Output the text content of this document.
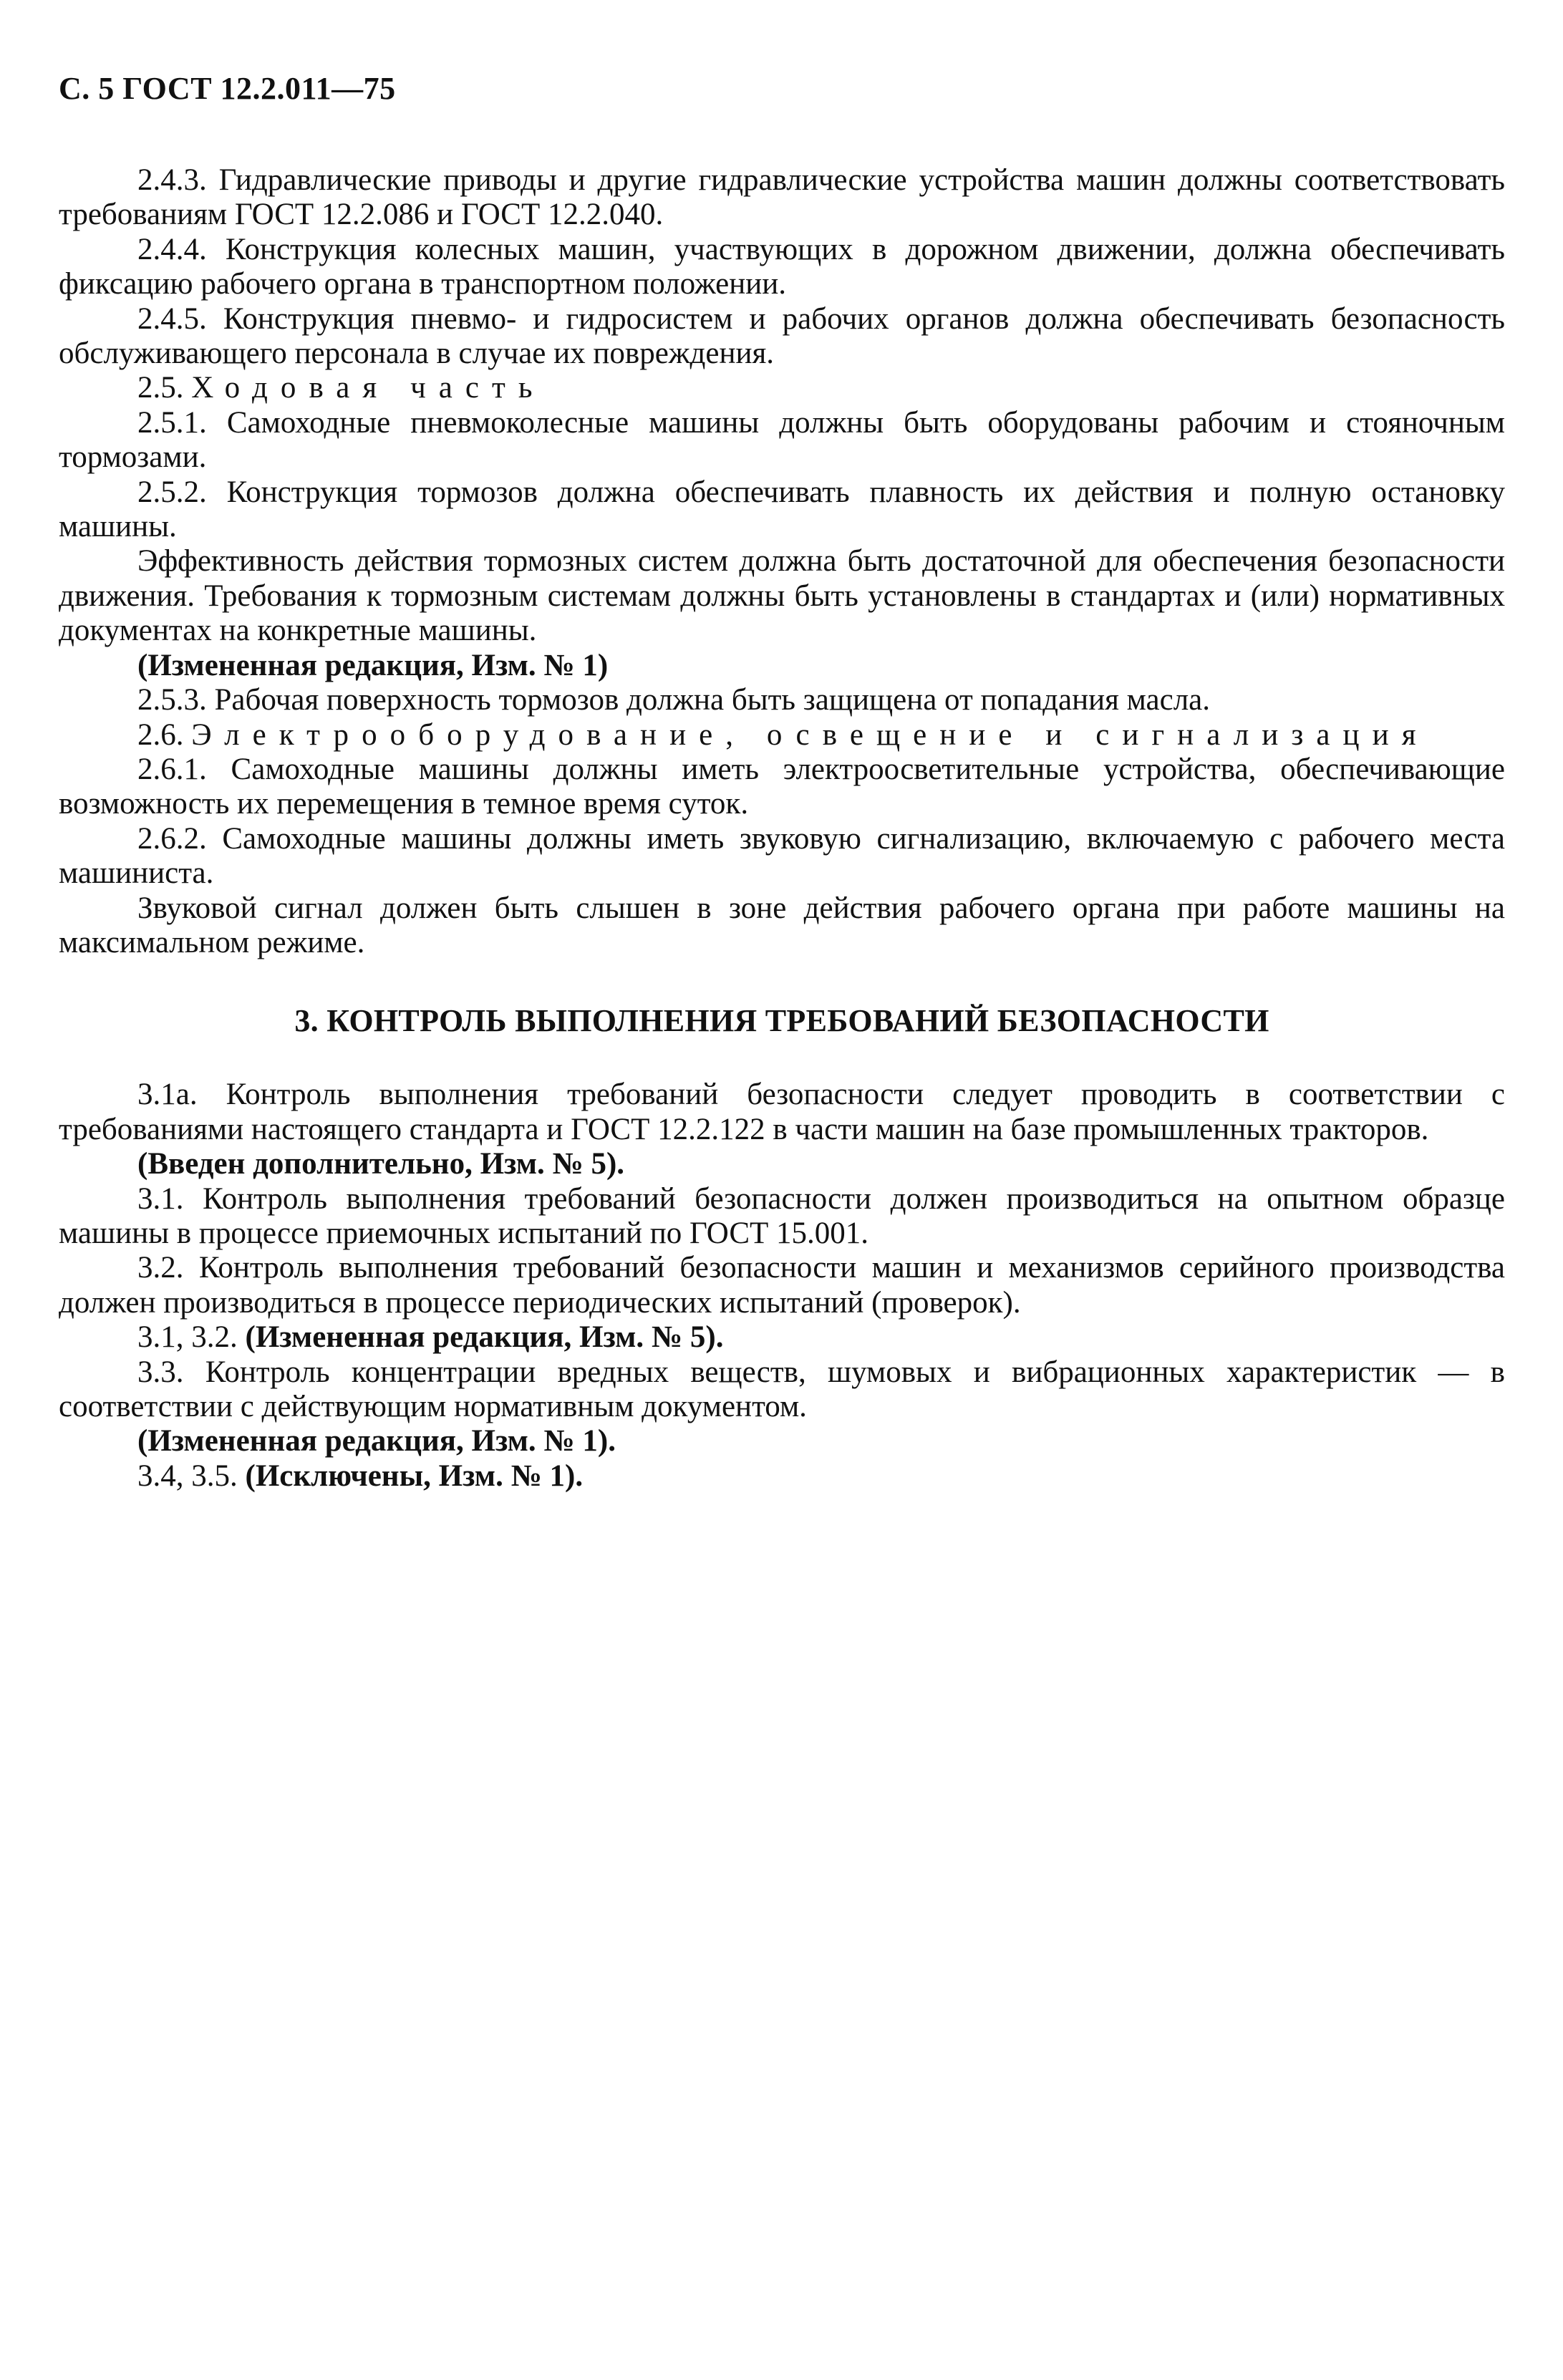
С. 5 ГОСТ 12.2.011—75

2.4.3. Гидравлические приводы и другие гидравлические устройства машин должны соответствовать требованиям ГОСТ 12.2.086 и ГОСТ 12.2.040.

2.4.4. Конструкция колесных машин, участвующих в дорожном движении, должна обеспечивать фиксацию рабочего органа в транспортном положении.

2.4.5. Конструкция пневмо- и гидросистем и рабочих органов должна обеспечивать безопасность обслуживающего персонала в случае их повреждения.

2.5. Ходовая часть

2.5.1. Самоходные пневмоколесные машины должны быть оборудованы рабочим и стояночным тормозами.

2.5.2. Конструкция тормозов должна обеспечивать плавность их действия и полную остановку машины.

Эффективность действия тормозных систем должна быть достаточной для обеспечения безопасности движения. Требования к тормозным системам должны быть установлены в стандартах и (или) нормативных документах на конкретные машины.

(Измененная редакция, Изм. № 1)

2.5.3. Рабочая поверхность тормозов должна быть защищена от попадания масла.

2.6. Электрооборудование, освещение и сигнализация

2.6.1. Самоходные машины должны иметь электроосветительные устройства, обеспечивающие возможность их перемещения в темное время суток.

2.6.2. Самоходные машины должны иметь звуковую сигнализацию, включаемую с рабочего места машиниста.

Звуковой сигнал должен быть слышен в зоне действия рабочего органа при работе машины на максимальном режиме.

3. КОНТРОЛЬ ВЫПОЛНЕНИЯ ТРЕБОВАНИЙ БЕЗОПАСНОСТИ

3.1а. Контроль выполнения требований безопасности следует проводить в соответствии с требованиями настоящего стандарта и ГОСТ 12.2.122 в части машин на базе промышленных тракторов.

(Введен дополнительно, Изм. № 5).

3.1. Контроль выполнения требований безопасности должен производиться на опытном образце машины в процессе приемочных испытаний по ГОСТ 15.001.

3.2. Контроль выполнения требований безопасности машин и механизмов серийного производства должен производиться в процессе периодических испытаний (проверок).

3.1, 3.2. (Измененная редакция, Изм. № 5).

3.3. Контроль концентрации вредных веществ, шумовых и вибрационных характеристик — в соответствии с действующим нормативным документом.

(Измененная редакция, Изм. № 1).

3.4, 3.5. (Исключены, Изм. № 1).
